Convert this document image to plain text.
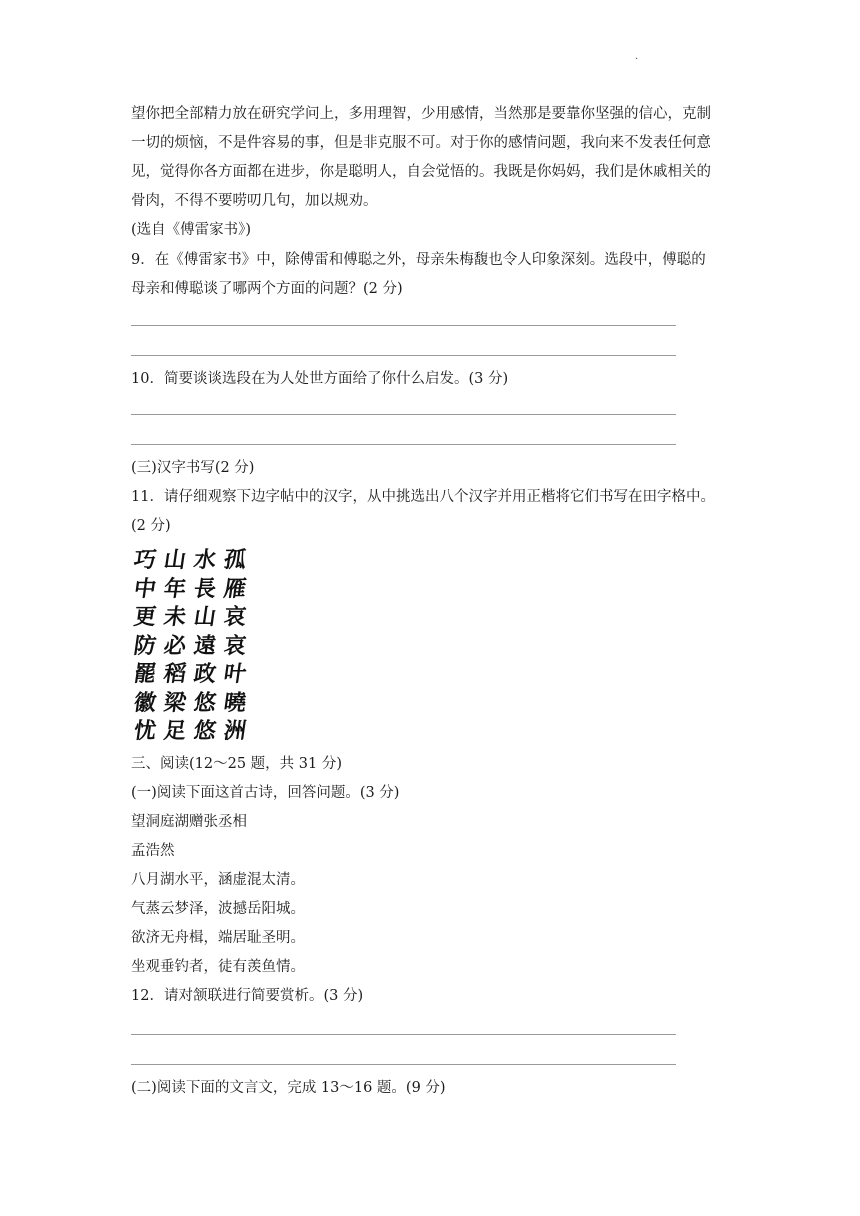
·
望你把全部精力放在研究学问上，多用理智，少用感情，当然那是要靠你坚强的信心，克制
一切的烦恼，不是件容易的事，但是非克服不可。对于你的感情问题，我向来不发表任何意
见，觉得你各方面都在进步，你是聪明人，自会觉悟的。我既是你妈妈，我们是休戚相关的
骨肉，不得不要唠叨几句，加以规劝。
(选自《傅雷家书》)
9．在《傅雷家书》中，除傅雷和傅聪之外，母亲朱梅馥也令人印象深刻。选段中，傅聪的
母亲和傅聪谈了哪两个方面的问题？(2 分)
10．简要谈谈选段在为人处世方面给了你什么启发。(3 分)
(三)汉字书写(2 分)
11．请仔细观察下边字帖中的汉字，从中挑选出八个汉字并用正楷将它们书写在田字格中。
(2 分)
巧 山 水 孤
中 年 長 雁
更 未 山 哀
防 必 遠 哀
罷 稻 政 叶
徽 梁 悠 曉
忧 足 悠 洲
三、阅读(12～25 题，共 31 分)
(一)阅读下面这首古诗，回答问题。(3 分)
望洞庭湖赠张丞相
孟浩然
八月湖水平，涵虚混太清。
气蒸云梦泽，波撼岳阳城。
欲济无舟楫，端居耻圣明。
坐观垂钓者，徒有羡鱼情。
12．请对颔联进行简要赏析。(3 分)
(二)阅读下面的文言文，完成 13～16 题。(9 分)
